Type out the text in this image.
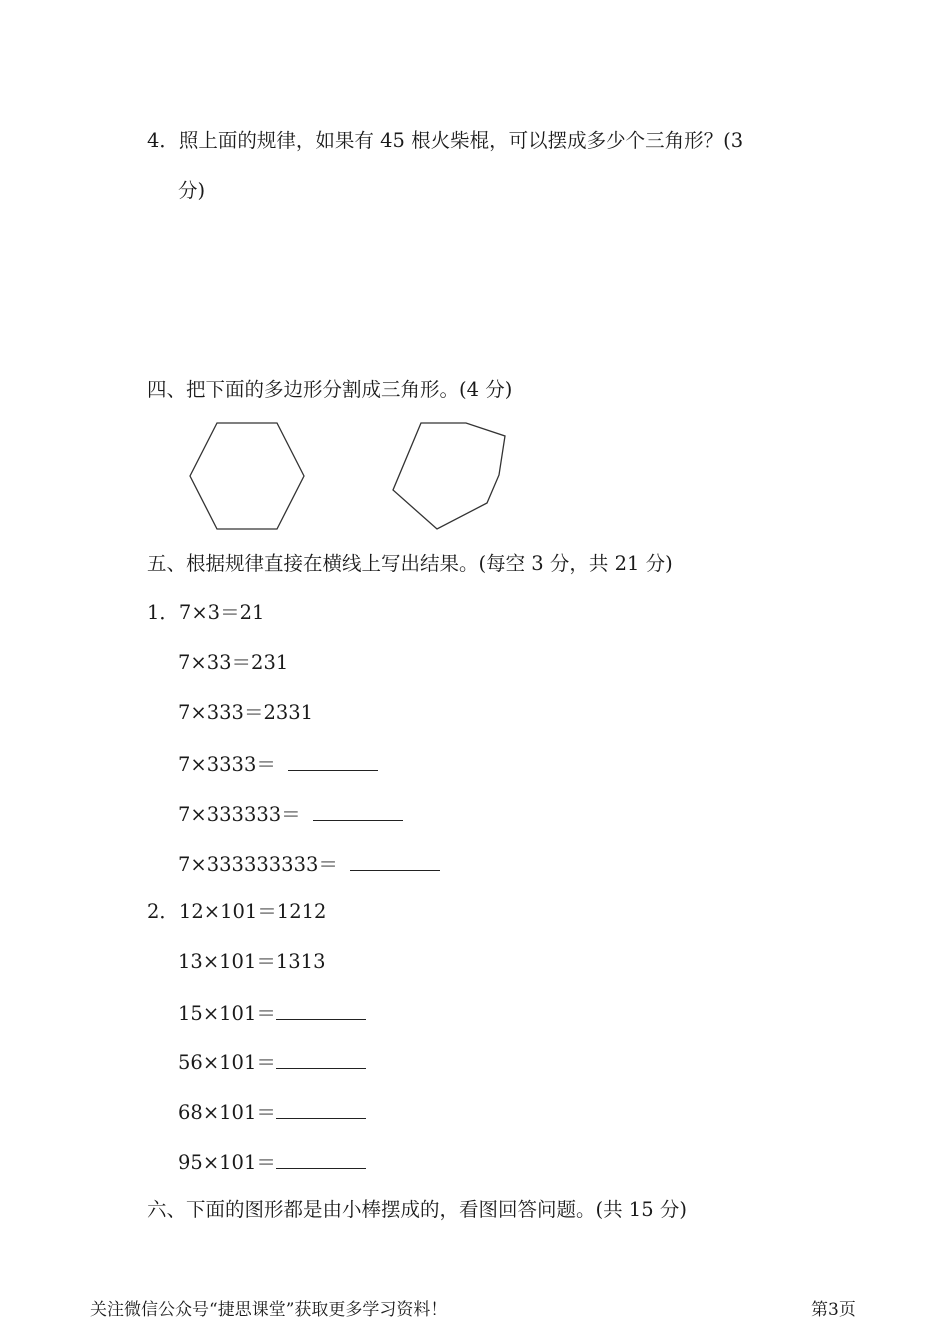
4．照上面的规律，如果有 45 根火柴棍，可以摆成多少个三角形？(3
分)
四、把下面的多边形分割成三角形。(4 分)
五、根据规律直接在横线上写出结果。(每空 3 分，共 21 分)
1．7×3＝21
7×33＝231
7×333＝2331
7×3333＝
7×333333＝
7×333333333＝
2．12×101＝1212
13×101＝1313
15×101＝
56×101＝
68×101＝
95×101＝
六、下面的图形都是由小棒摆成的，看图回答问题。(共 15 分)
关注微信公众号“捷思课堂”获取更多学习资料！	第3页
